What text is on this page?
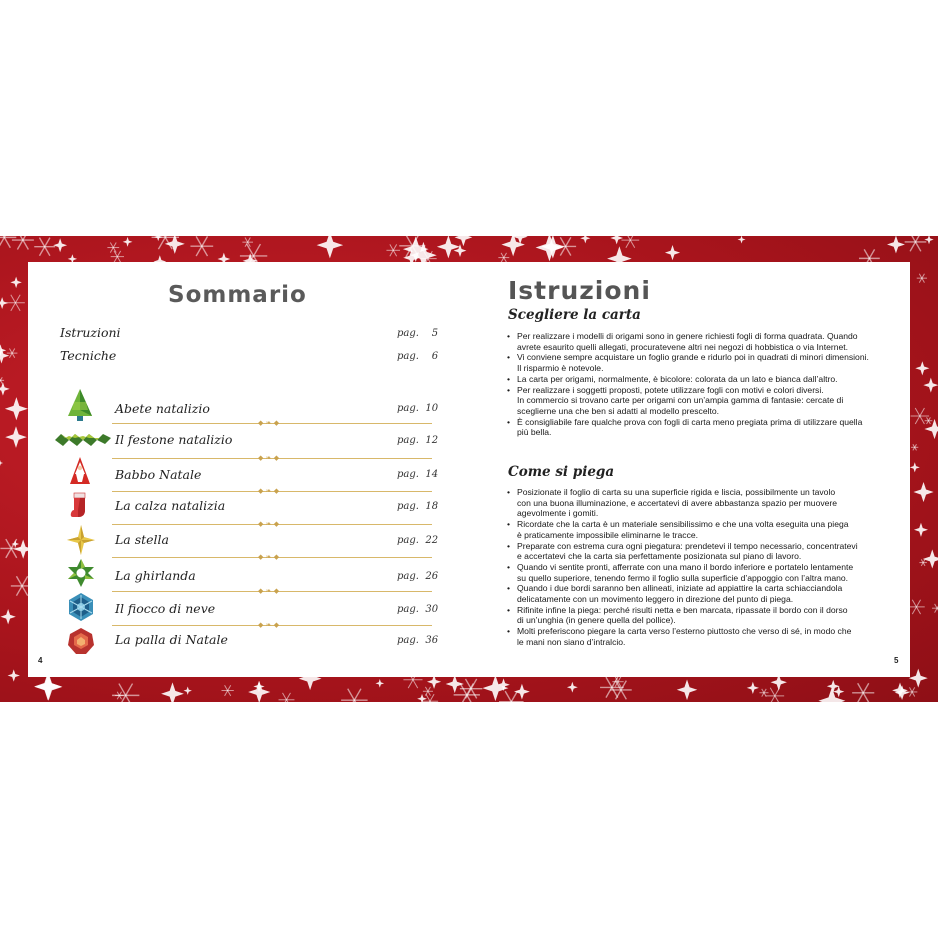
Sommario
Istruzioni	pag. 5
Tecniche	pag. 6
Abete natalizio	pag. 10
◆ ❧ ◆
Il festone natalizio	pag. 12
◆ ❧ ◆
Babbo Natale	pag. 14
◆ ❧ ◆
La calza natalizia	pag. 18
◆ ❧ ◆
La stella	pag. 22
◆ ❧ ◆
La ghirlanda	pag. 26
◆ ❧ ◆
Il fiocco di neve	pag. 30
◆ ❧ ◆
La palla di Natale	pag. 36
4
Istruzioni
Scegliere la carta
• Per realizzare i modelli di origami sono in genere richiesti fogli di forma quadrata. Quando
avrete esaurito quelli allegati, procuratevene altri nei negozi di hobbistica o via Internet.
• Vi conviene sempre acquistare un foglio grande e ridurlo poi in quadrati di minori dimensioni.
Il risparmio è notevole.
• La carta per origami, normalmente, è bicolore: colorata da un lato e bianca dall’altro.
• Per realizzare i soggetti proposti, potete utilizzare fogli con motivi e colori diversi.
In commercio si trovano carte per origami con un’ampia gamma di fantasie: cercate di
sceglierne una che ben si adatti al modello prescelto.
• È consigliabile fare qualche prova con fogli di carta meno pregiata prima di utilizzare quella
più bella.
Come si piega
• Posizionate il foglio di carta su una superficie rigida e liscia, possibilmente un tavolo
con una buona illuminazione, e accertatevi di avere abbastanza spazio per muovere
agevolmente i gomiti.
• Ricordate che la carta è un materiale sensibilissimo e che una volta eseguita una piega
è praticamente impossibile eliminarne le tracce.
• Preparate con estrema cura ogni piegatura: prendetevi il tempo necessario, concentratevi
e accertatevi che la carta sia perfettamente posizionata sul piano di lavoro.
• Quando vi sentite pronti, afferrate con una mano il bordo inferiore e portatelo lentamente
su quello superiore, tenendo fermo il foglio sulla superficie d’appoggio con l’altra mano.
• Quando i due bordi saranno ben allineati, iniziate ad appiattire la carta schiacciandola
delicatamente con un movimento leggero in direzione del punto di piega.
• Rifinite infine la piega: perché risulti netta e ben marcata, ripassate il bordo con il dorso
di un’unghia (in genere quella del pollice).
• Molti preferiscono piegare la carta verso l’esterno piuttosto che verso di sé, in modo che
le mani non siano d’intralcio.
5
